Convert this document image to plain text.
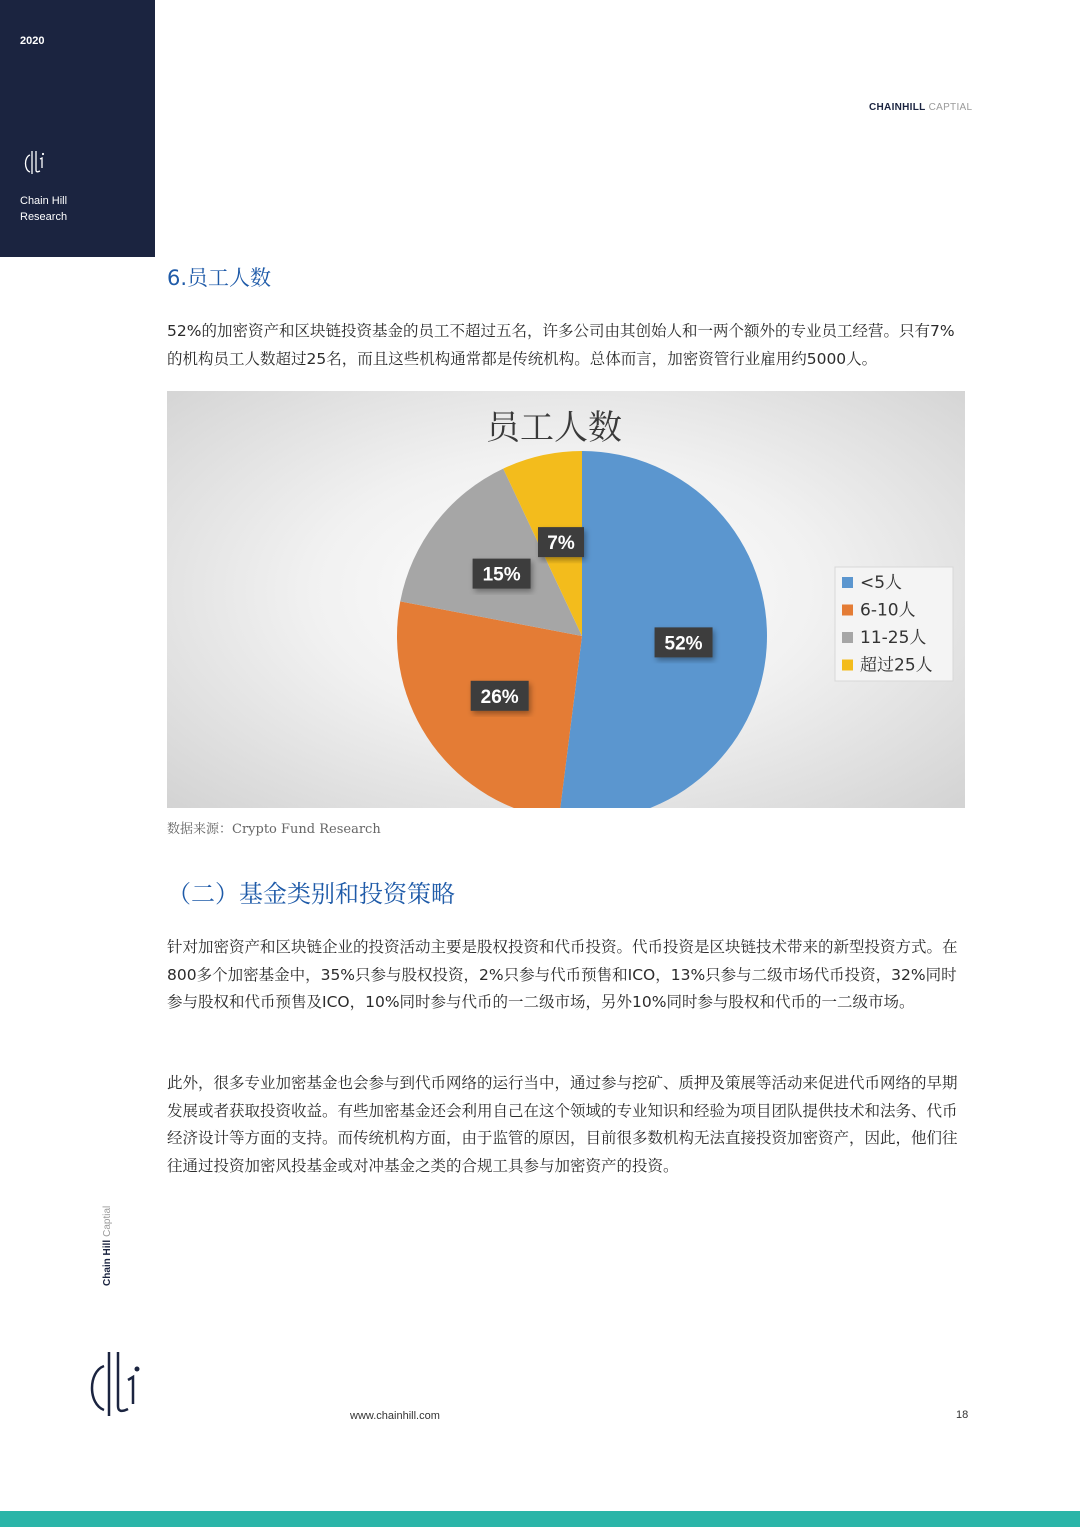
2020
Chain Hill
Research
CHAINHILL CAPTIAL
6.员工人数

52%的加密资产和区块链投资基金的员工不超过五名，许多公司由其创始人和一两个额外的专业员工经营。只有7%的机构员工人数超过25名，而且这些机构通常都是传统机构。总体而言，加密资管行业雇用约5000人。

员工人数
52%
26%
15%
7%
<5人
6-10人
11-25人
超过25人
数据来源：Crypto Fund Research
（二）基金类别和投资策略

针对加密资产和区块链企业的投资活动主要是股权投资和代币投资。代币投资是区块链技术带来的新型投资方式。在800多个加密基金中，35%只参与股权投资，2%只参与代币预售和ICO，13%只参与二级市场代币投资，32%同时参与股权和代币预售及ICO，10%同时参与代币的一二级市场，另外10%同时参与股权和代币的一二级市场。

此外，很多专业加密基金也会参与到代币网络的运行当中，通过参与挖矿、质押及策展等活动来促进代币网络的早期发展或者获取投资收益。有些加密基金还会利用自己在这个领域的专业知识和经验为项目团队提供技术和法务、代币经济设计等方面的支持。而传统机构方面，由于监管的原因，目前很多数机构无法直接投资加密资产，因此，他们往往通过投资加密风投基金或对冲基金之类的合规工具参与加密资产的投资。

Chain HillCaptial
www.chainhill.com	18
